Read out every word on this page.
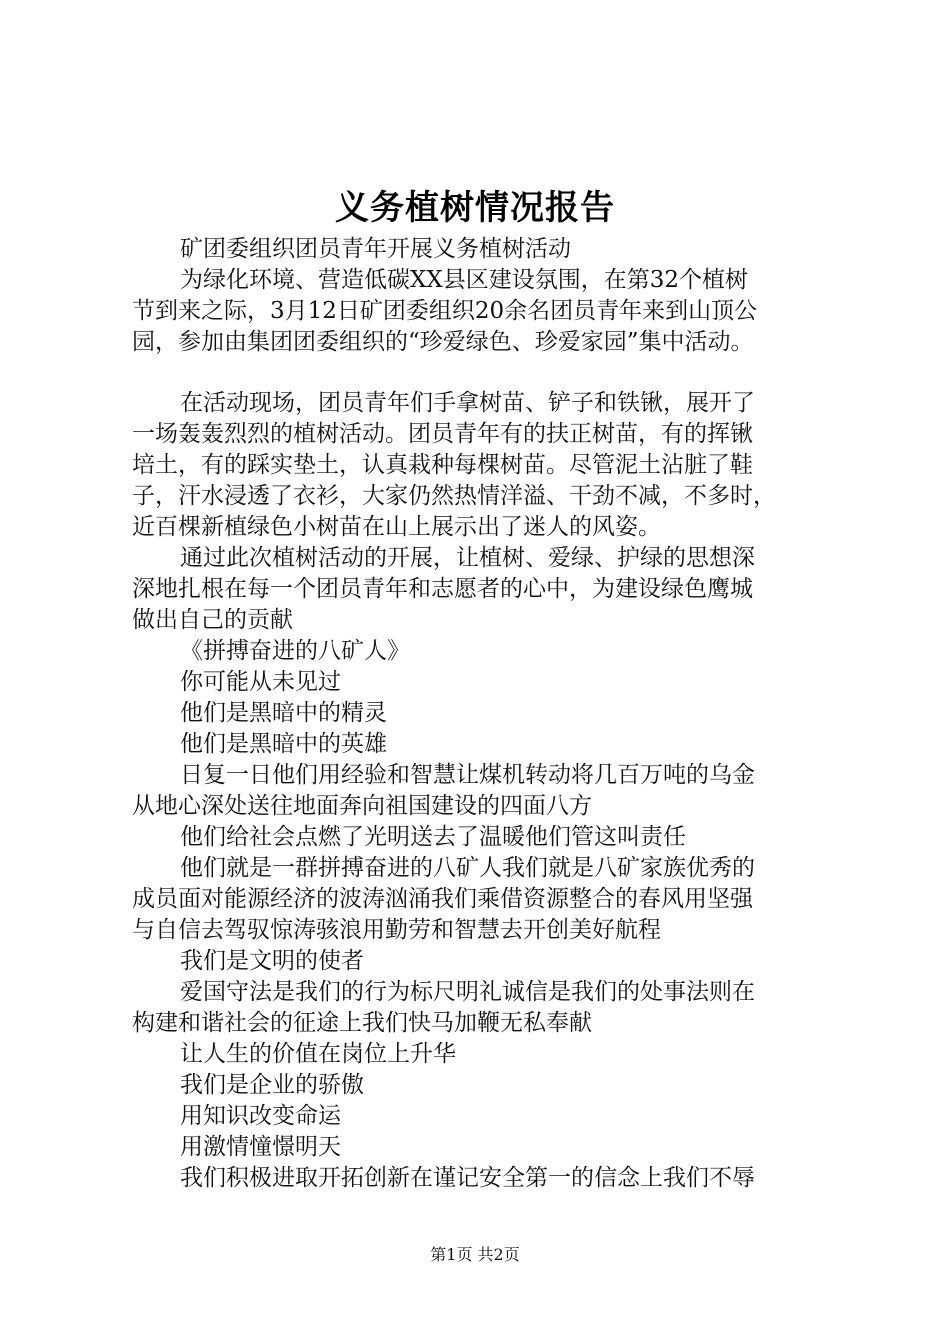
义务植树情况报告
矿团委组织团员青年开展义务植树活动
为绿化环境、营造低碳XX县区建设氛围，在第32个植树
节到来之际，3月12日矿团委组织20余名团员青年来到山顶公
园，参加由集团团委组织的“珍爱绿色、珍爱家园”集中活动。
在活动现场，团员青年们手拿树苗、铲子和铁锹，展开了
一场轰轰烈烈的植树活动。团员青年有的扶正树苗，有的挥锹
培土，有的踩实垫土，认真栽种每棵树苗。尽管泥土沾脏了鞋
子，汗水浸透了衣衫，大家仍然热情洋溢、干劲不减，不多时，
近百棵新植绿色小树苗在山上展示出了迷人的风姿。
通过此次植树活动的开展，让植树、爱绿、护绿的思想深
深地扎根在每一个团员青年和志愿者的心中，为建设绿色鹰城
做出自己的贡献
《拼搏奋进的八矿人》
你可能从未见过
他们是黑暗中的精灵
他们是黑暗中的英雄
日复一日他们用经验和智慧让煤机转动将几百万吨的乌金
从地心深处送往地面奔向祖国建设的四面八方
他们给社会点燃了光明送去了温暖他们管这叫责任
他们就是一群拼搏奋进的八矿人我们就是八矿家族优秀的
成员面对能源经济的波涛汹涌我们乘借资源整合的春风用坚强
与自信去驾驭惊涛骇浪用勤劳和智慧去开创美好航程
我们是文明的使者
爱国守法是我们的行为标尺明礼诚信是我们的处事法则在
构建和谐社会的征途上我们快马加鞭无私奉献
让人生的价值在岗位上升华
我们是企业的骄傲
用知识改变命运
用激情憧憬明天
我们积极进取开拓创新在谨记安全第一的信念上我们不辱
第1页 共2页
